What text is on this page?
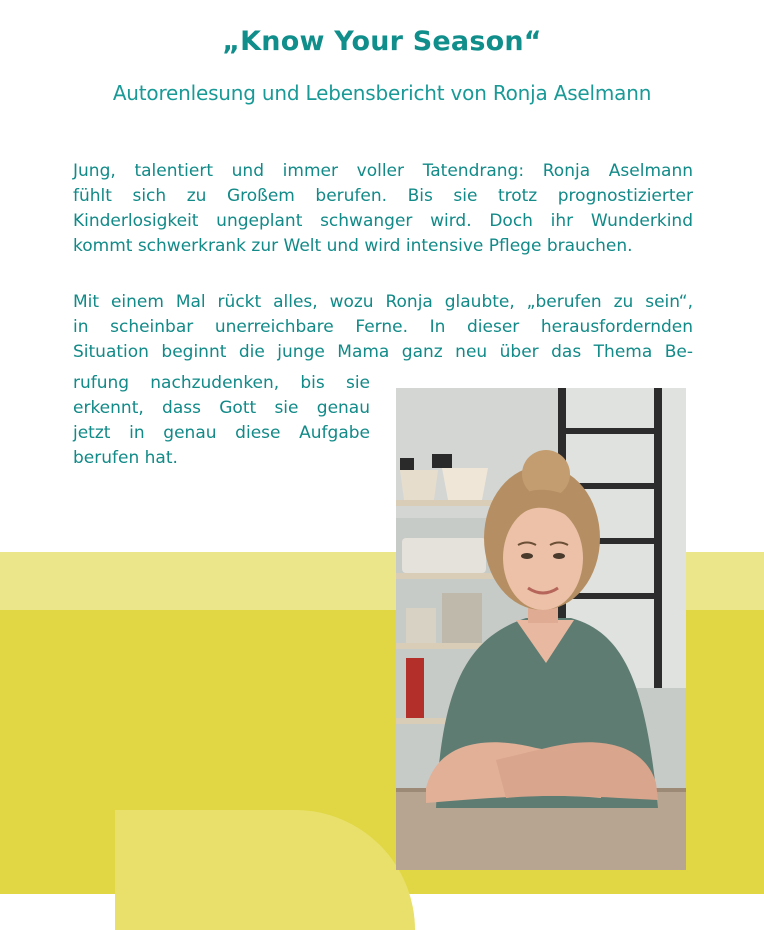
„Know Your Season“
Autorenlesung und Lebensbericht von Ronja Aselmann
Jung, talentiert und immer voller Tatendrang: Ronja Aselmann
fühlt sich zu Großem berufen. Bis sie trotz prognostizierter
Kinderlosigkeit ungeplant schwanger wird. Doch ihr Wunderkind
kommt schwerkrank zur Welt und wird intensive Pflege brauchen.
Mit einem Mal rückt alles, wozu Ronja glaubte, „berufen zu sein“,
in scheinbar unerreichbare Ferne. In dieser herausfordernden
Situation beginnt die junge Mama ganz neu über das Thema Be-
rufung nachzudenken, bis sie
erkennt, dass Gott sie genau
jetzt in genau diese Aufgabe
berufen hat.
